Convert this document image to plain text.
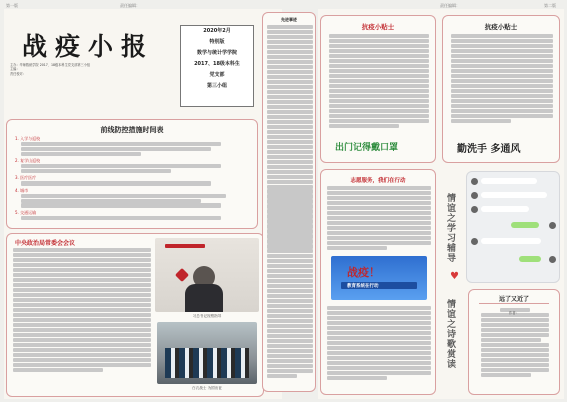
第一版	责任编辑：	责任编辑：	第二版
战疫小报
主办：华师数统学院 2017、18级本科生党支部第三小组
主编：
责任校对：
2020年2月
特别版
数学与统计学学院
2017、18级本科生
党支部
第三小组
前线防控措施时间表
1. 入学与返校
2. 复学山返校
3. 医疗医疗
4. 城市
5. 交通运输
中央政治局常委会会议
习总书记视察指导
白衣战士 为国出征
先进事迹
抗疫小贴士
出门记得戴口罩
志愿服务，我们在行动
战疫！
教育系统在行动
抗疫小贴士
勤洗手 多通风
情谊之学习辅导
♥
情谊之诗歌赏读	远了又近了
作者：
